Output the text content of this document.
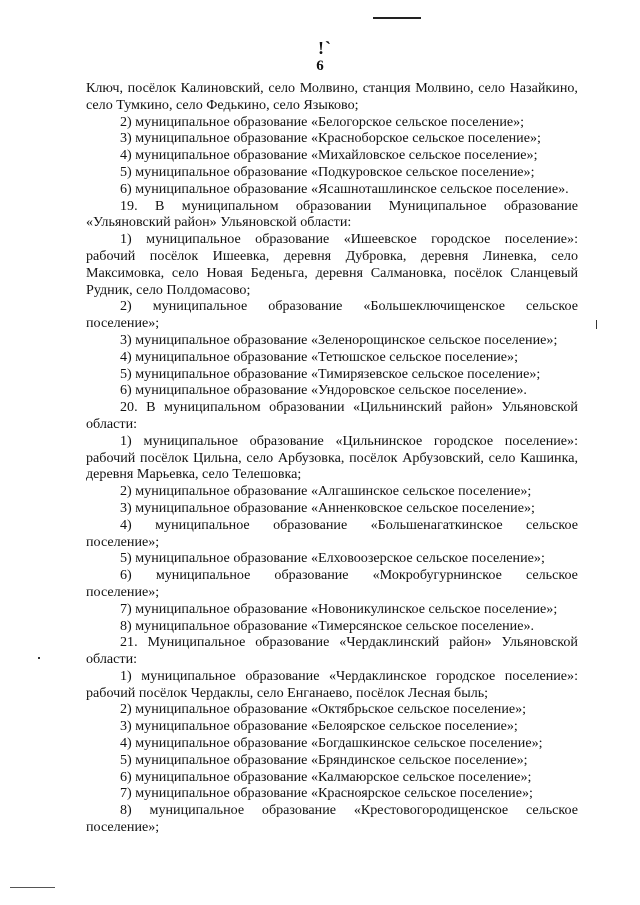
!`
6
Ключ, посёлок Калиновский, село Молвино, станция Молвино, село Назайкино,
село Тумкино, село Федькино, село Языково;
2) муниципальное образование «Белогорское сельское поселение»;
3) муниципальное образование «Красноборское сельское поселение»;
4) муниципальное образование «Михайловское сельское поселение»;
5) муниципальное образование «Подкуровское сельское поселение»;
6) муниципальное образование «Ясашноташлинское сельское поселение».
19. В муниципальном образовании Муниципальное образование
«Ульяновский район» Ульяновской области:
1) муниципальное образование «Ишеевское городское поселение»:
рабочий посёлок Ишеевка, деревня Дубровка, деревня Линевка, село
Максимовка, село Новая Беденьга, деревня Салмановка, посёлок Сланцевый
Рудник, село Полдомасово;
2) муниципальное образование «Большеключищенское сельское
поселение»;
3) муниципальное образование «Зеленорощинское сельское поселение»;
4) муниципальное образование «Тетюшское сельское поселение»;
5) муниципальное образование «Тимирязевское сельское поселение»;
6) муниципальное образование «Ундоровское сельское поселение».
20. В муниципальном образовании «Цильнинский район» Ульяновской
области:
1) муниципальное образование «Цильнинское городское поселение»:
рабочий посёлок Цильна, село Арбузовка, посёлок Арбузовский, село Кашинка,
деревня Марьевка, село Телешовка;
2) муниципальное образование «Алгашинское сельское поселение»;
3) муниципальное образование «Анненковское сельское поселение»;
4) муниципальное образование «Большенагаткинское сельское
поселение»;
5) муниципальное образование «Елховоозерское сельское поселение»;
6) муниципальное образование «Мокробугурнинское сельское
поселение»;
7) муниципальное образование «Новоникулинское сельское поселение»;
8) муниципальное образование «Тимерсянское сельское поселение».
21. Муниципальное образование «Чердаклинский район» Ульяновской
области:
1) муниципальное образование «Чердаклинское городское поселение»:
рабочий посёлок Чердаклы, село Енганаево, посёлок Лесная быль;
2) муниципальное образование «Октябрьское сельское поселение»;
3) муниципальное образование «Белоярское сельское поселение»;
4) муниципальное образование «Богдашкинское сельское поселение»;
5) муниципальное образование «Бряндинское сельское поселение»;
6) муниципальное образование «Калмаюрское сельское поселение»;
7) муниципальное образование «Красноярское сельское поселение»;
8) муниципальное образование «Крестовогородищенское сельское
поселение»;
